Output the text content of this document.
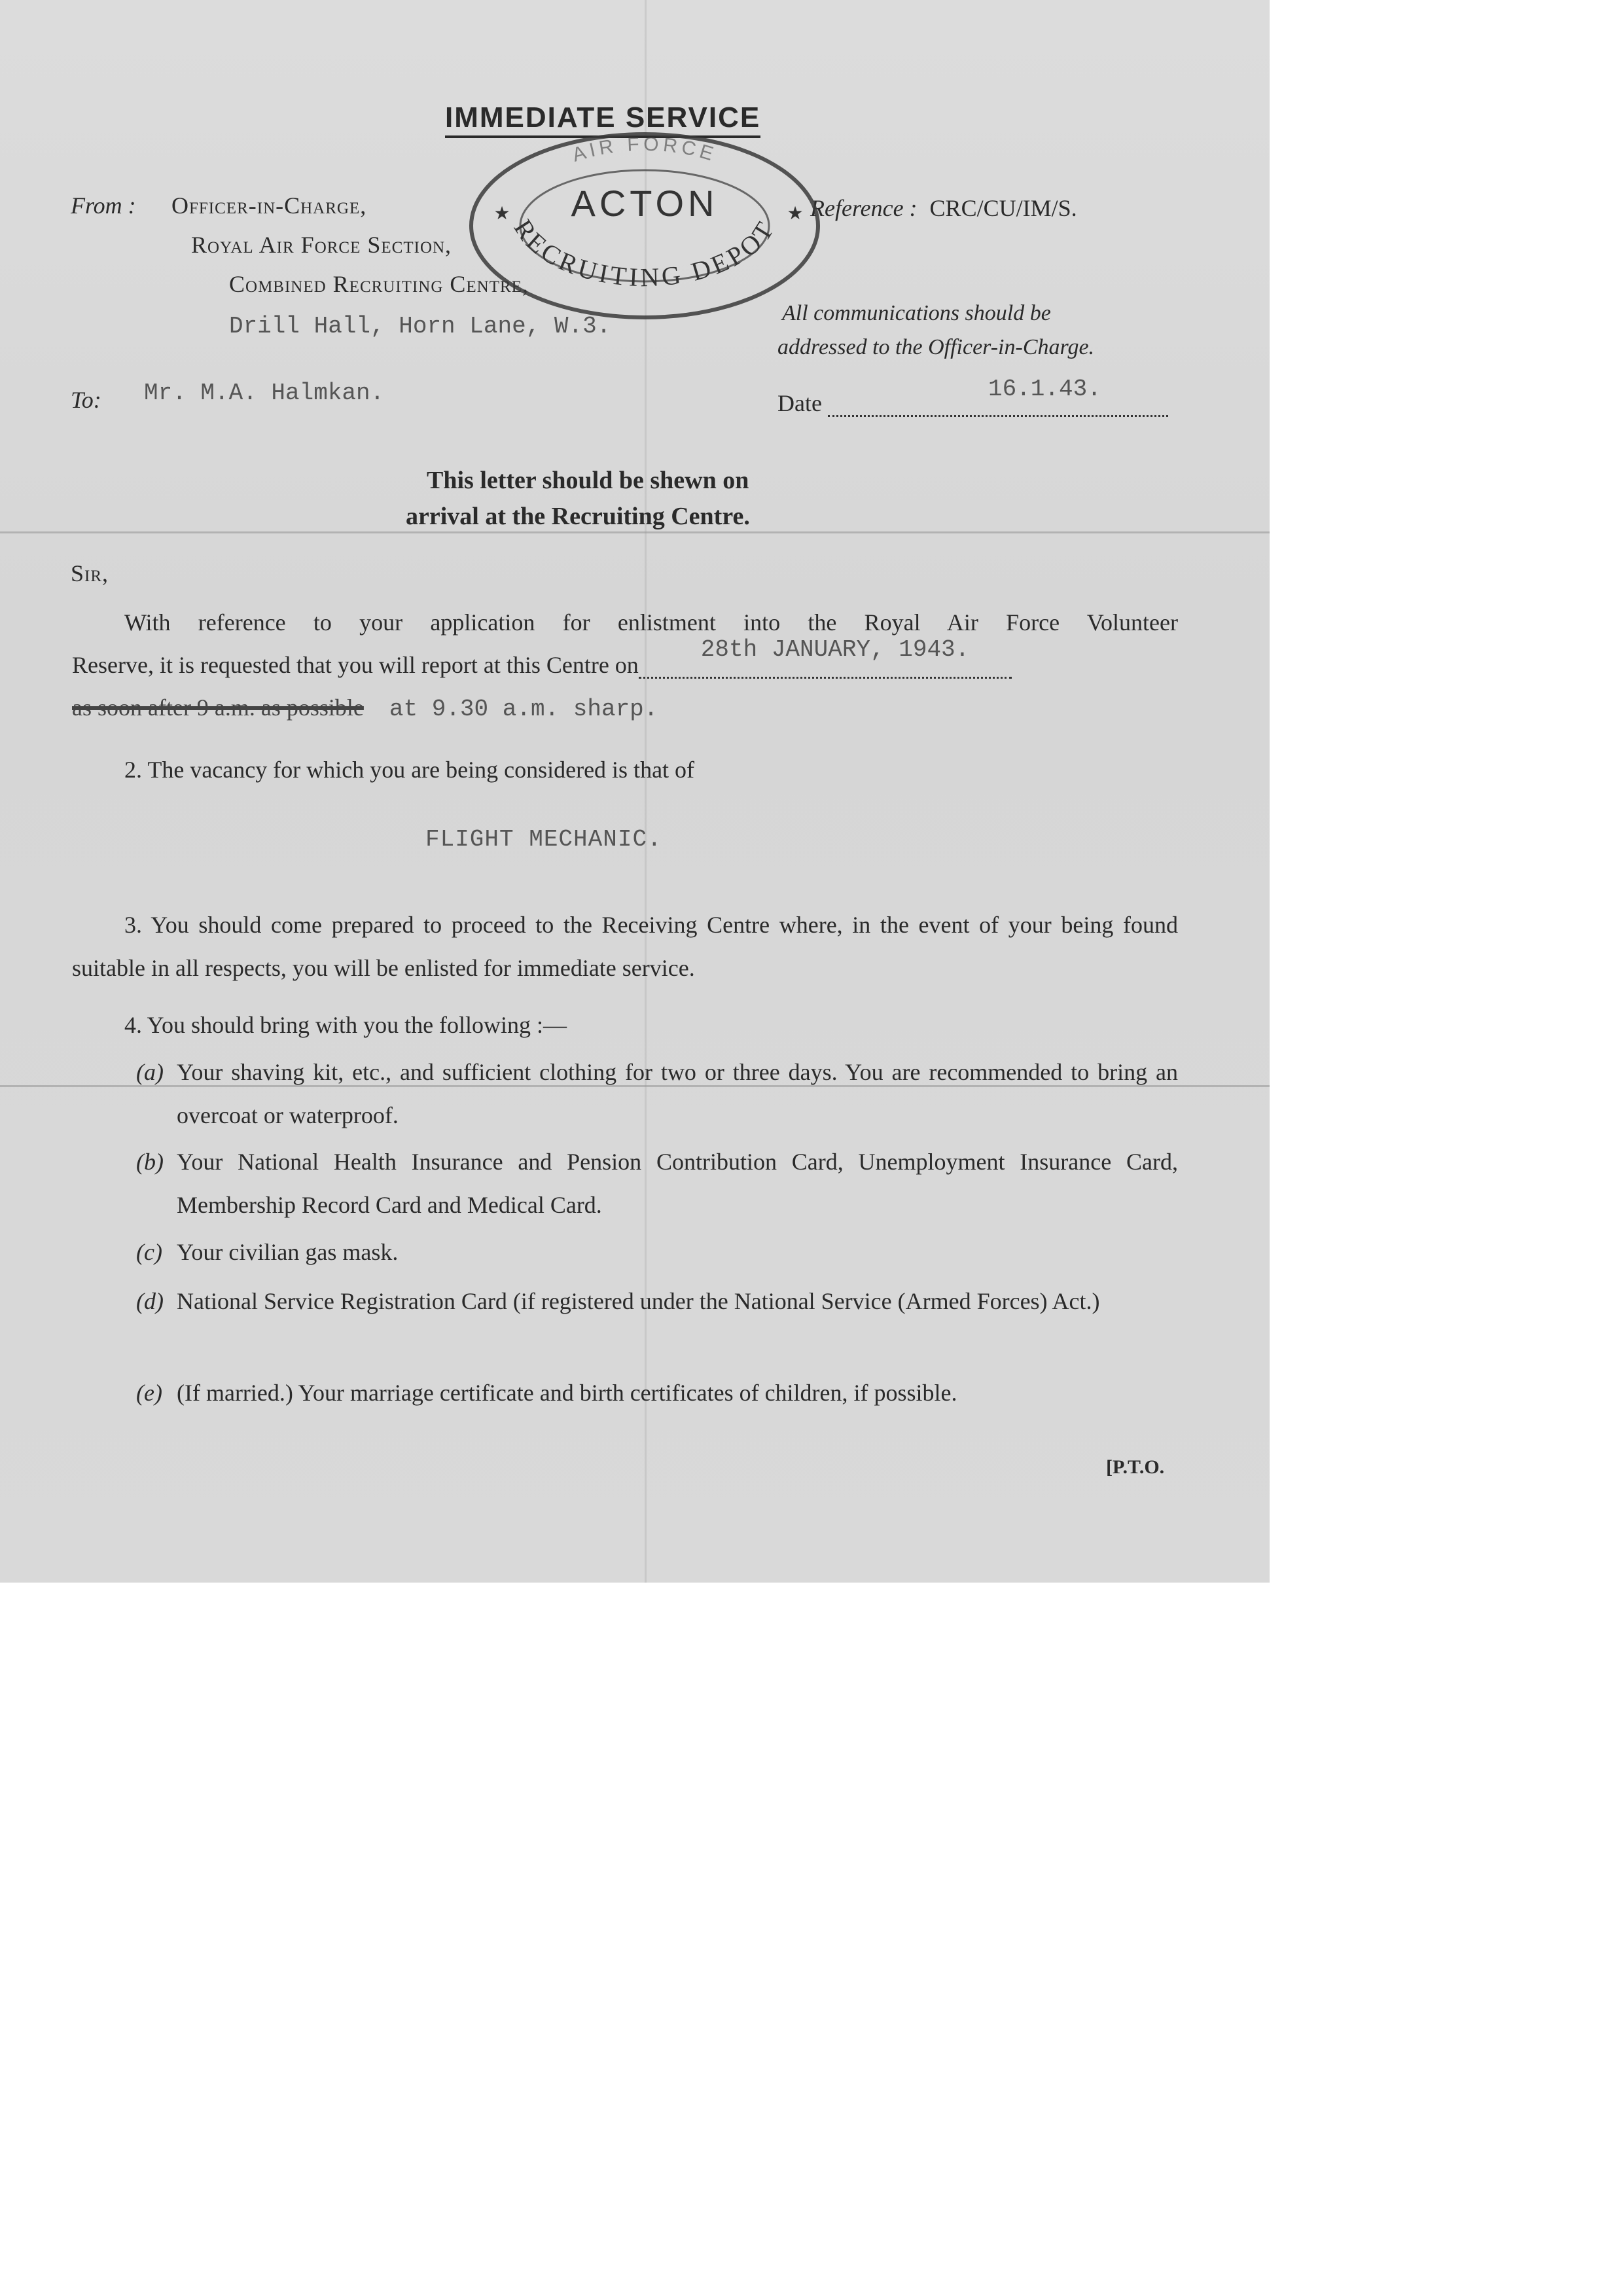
IMMEDIATE SERVICE
From : Officer-in-Charge,
Royal Air Force Section,
Combined Recruiting Centre,
Drill Hall, Horn Lane, W.3.
Reference : CRC/CU/IM/S.
All communications should be
addressed to the Officer-in-Charge.
AIR FORCE
RECRUITING DEPOT
ACTON
★	★
To: Mr. M.A. Halmkan.	Date
16.1.43.
This letter should be shewn on
arrival at the Recruiting Centre.
Sir,
With reference to your application for enlistment into the Royal Air Force Volunteer
Reserve, it is requested that you will report at this Centre on
28th JANUARY, 1943.
as soon after 9 a.m. as possible at 9.30 a.m. sharp.
2. The vacancy for which you are being considered is that of
FLIGHT MECHANIC.
3. You should come prepared to proceed to the Receiving Centre where, in the event of your being found suitable in all respects, you will be enlisted for immediate service.
4. You should bring with you the following :—
(a) Your shaving kit, etc., and sufficient clothing for two or three days. You are recommended to bring an overcoat or waterproof.
(b) Your National Health Insurance and Pension Contribution Card, Unemployment Insurance Card, Membership Record Card and Medical Card.
(c) Your civilian gas mask.
(d) National Service Registration Card (if registered under the National Service (Armed Forces) Act.)
(e) (If married.) Your marriage certificate and birth certificates of children, if possible.
[P.T.O.
